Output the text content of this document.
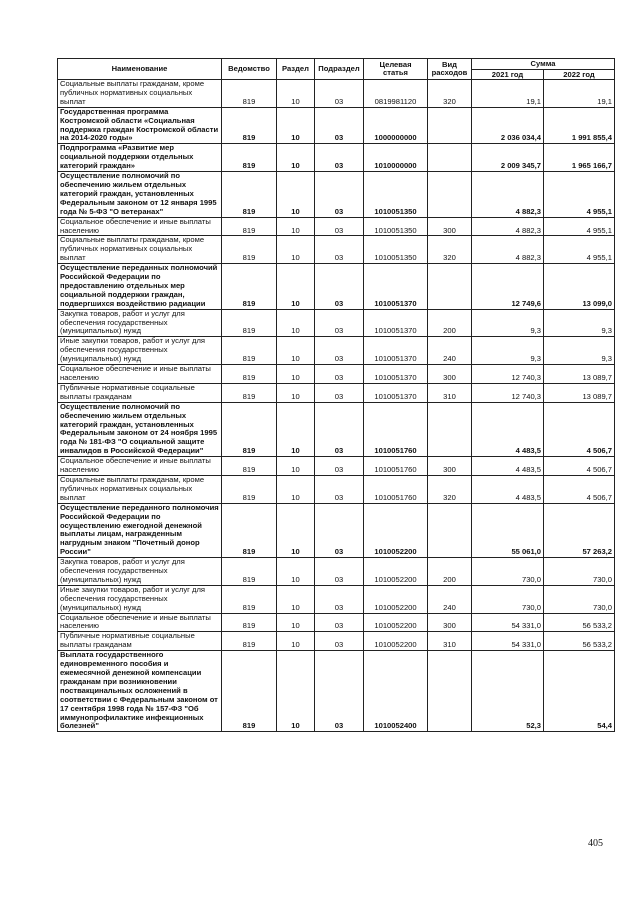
Наименование	Ведомство	Раздел	Подраздел	Целевая статья	Вид расходов	Сумма	
						2021 год	2022 год
Социальные выплаты гражданам, кроме публичных нормативных социальных выплат	819	10	03	0819981120	320	19,1	19,1
Государственная программа Костромской области «Социальная поддержка граждан Костромской области на 2014-2020 годы»	819	10	03	1000000000		2 036 034,4	1 991 855,4
Подпрограмма «Развитие мер социальной поддержки отдельных категорий граждан»	819	10	03	1010000000		2 009 345,7	1 965 166,7
Осуществление полномочий по обеспечению жильем отдельных категорий граждан, установленных Федеральным законом от 12 января 1995 года № 5-ФЗ "О ветеранах"	819	10	03	1010051350		4 882,3	4 955,1
Социальное обеспечение и иные выплаты населению	819	10	03	1010051350	300	4 882,3	4 955,1
Социальные выплаты гражданам, кроме публичных нормативных социальных выплат	819	10	03	1010051350	320	4 882,3	4 955,1
Осуществление переданных полномочий Российской Федерации по предоставлению отдельных мер социальной поддержки граждан, подвергшихся воздействию радиации	819	10	03	1010051370		12 749,6	13 099,0
Закупка товаров, работ и услуг для обеспечения государственных (муниципальных) нужд	819	10	03	1010051370	200	9,3	9,3
Иные закупки товаров, работ и услуг для обеспечения государственных (муниципальных) нужд	819	10	03	1010051370	240	9,3	9,3
Социальное обеспечение и иные выплаты населению	819	10	03	1010051370	300	12 740,3	13 089,7
Публичные нормативные социальные выплаты гражданам	819	10	03	1010051370	310	12 740,3	13 089,7
Осуществление полномочий по обеспечению жильем отдельных категорий граждан, установленных Федеральным законом от 24 ноября 1995 года № 181-ФЗ "О социальной защите инвалидов в Российской Федерации"	819	10	03	1010051760		4 483,5	4 506,7
Социальное обеспечение и иные выплаты населению	819	10	03	1010051760	300	4 483,5	4 506,7
Социальные выплаты гражданам, кроме публичных нормативных социальных выплат	819	10	03	1010051760	320	4 483,5	4 506,7
Осуществление переданного полномочия Российской Федерации по осуществлению ежегодной денежной выплаты лицам, награжденным нагрудным знаком "Почетный донор России"	819	10	03	1010052200		55 061,0	57 263,2
Закупка товаров, работ и услуг для обеспечения государственных (муниципальных) нужд	819	10	03	1010052200	200	730,0	730,0
Иные закупки товаров, работ и услуг для обеспечения государственных (муниципальных) нужд	819	10	03	1010052200	240	730,0	730,0
Социальное обеспечение и иные выплаты населению	819	10	03	1010052200	300	54 331,0	56 533,2
Публичные нормативные социальные выплаты гражданам	819	10	03	1010052200	310	54 331,0	56 533,2
Выплата государственного единовременного пособия и ежемесячной денежной компенсации гражданам при возникновении поствакцинальных осложнений в соответствии с Федеральным законом от 17 сентября 1998 года № 157-ФЗ "Об иммунопрофилактике инфекционных болезней"	819	10	03	1010052400		52,3	54,4
405
